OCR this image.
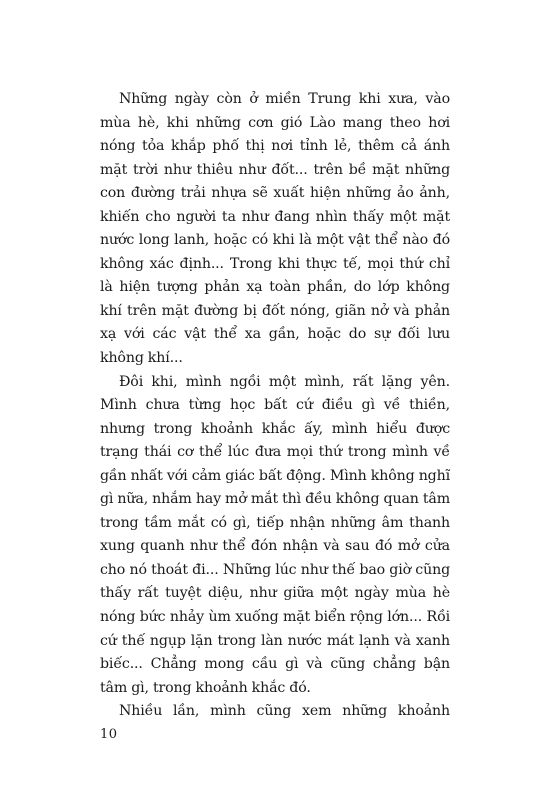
Những ngày còn ở miền Trung khi xưa, vào mùa hè, khi những cơn gió Lào mang theo hơi nóng tỏa khắp phố thị nơi tỉnh lẻ, thêm cả ánh mặt trời như thiêu như đốt... trên bề mặt những con đường trải nhựa sẽ xuất hiện những ảo ảnh, khiến cho người ta như đang nhìn thấy một mặt nước long lanh, hoặc có khi là một vật thể nào đó không xác định... Trong khi thực tế, mọi thứ chỉ là hiện tượng phản xạ toàn phần, do lớp không khí trên mặt đường bị đốt nóng, giãn nở và phản xạ với các vật thể xa gần, hoặc do sự đối lưu không khí...

Đôi khi, mình ngồi một mình, rất lặng yên. Mình chưa từng học bất cứ điều gì về thiền, nhưng trong khoảnh khắc ấy, mình hiểu được trạng thái cơ thể lúc đưa mọi thứ trong mình về gần nhất với cảm giác bất động. Mình không nghĩ gì nữa, nhắm hay mở mắt thì đều không quan tâm trong tầm mắt có gì, tiếp nhận những âm thanh xung quanh như thể đón nhận và sau đó mở cửa cho nó thoát đi... Những lúc như thế bao giờ cũng thấy rất tuyệt diệu, như giữa một ngày mùa hè nóng bức nhảy ùm xuống mặt biển rộng lớn... Rồi cứ thế ngụp lặn trong làn nước mát lạnh và xanh biếc... Chẳng mong cầu gì và cũng chẳng bận tâm gì, trong khoảnh khắc đó.

Nhiều lần, mình cũng xem những khoảnh

10
